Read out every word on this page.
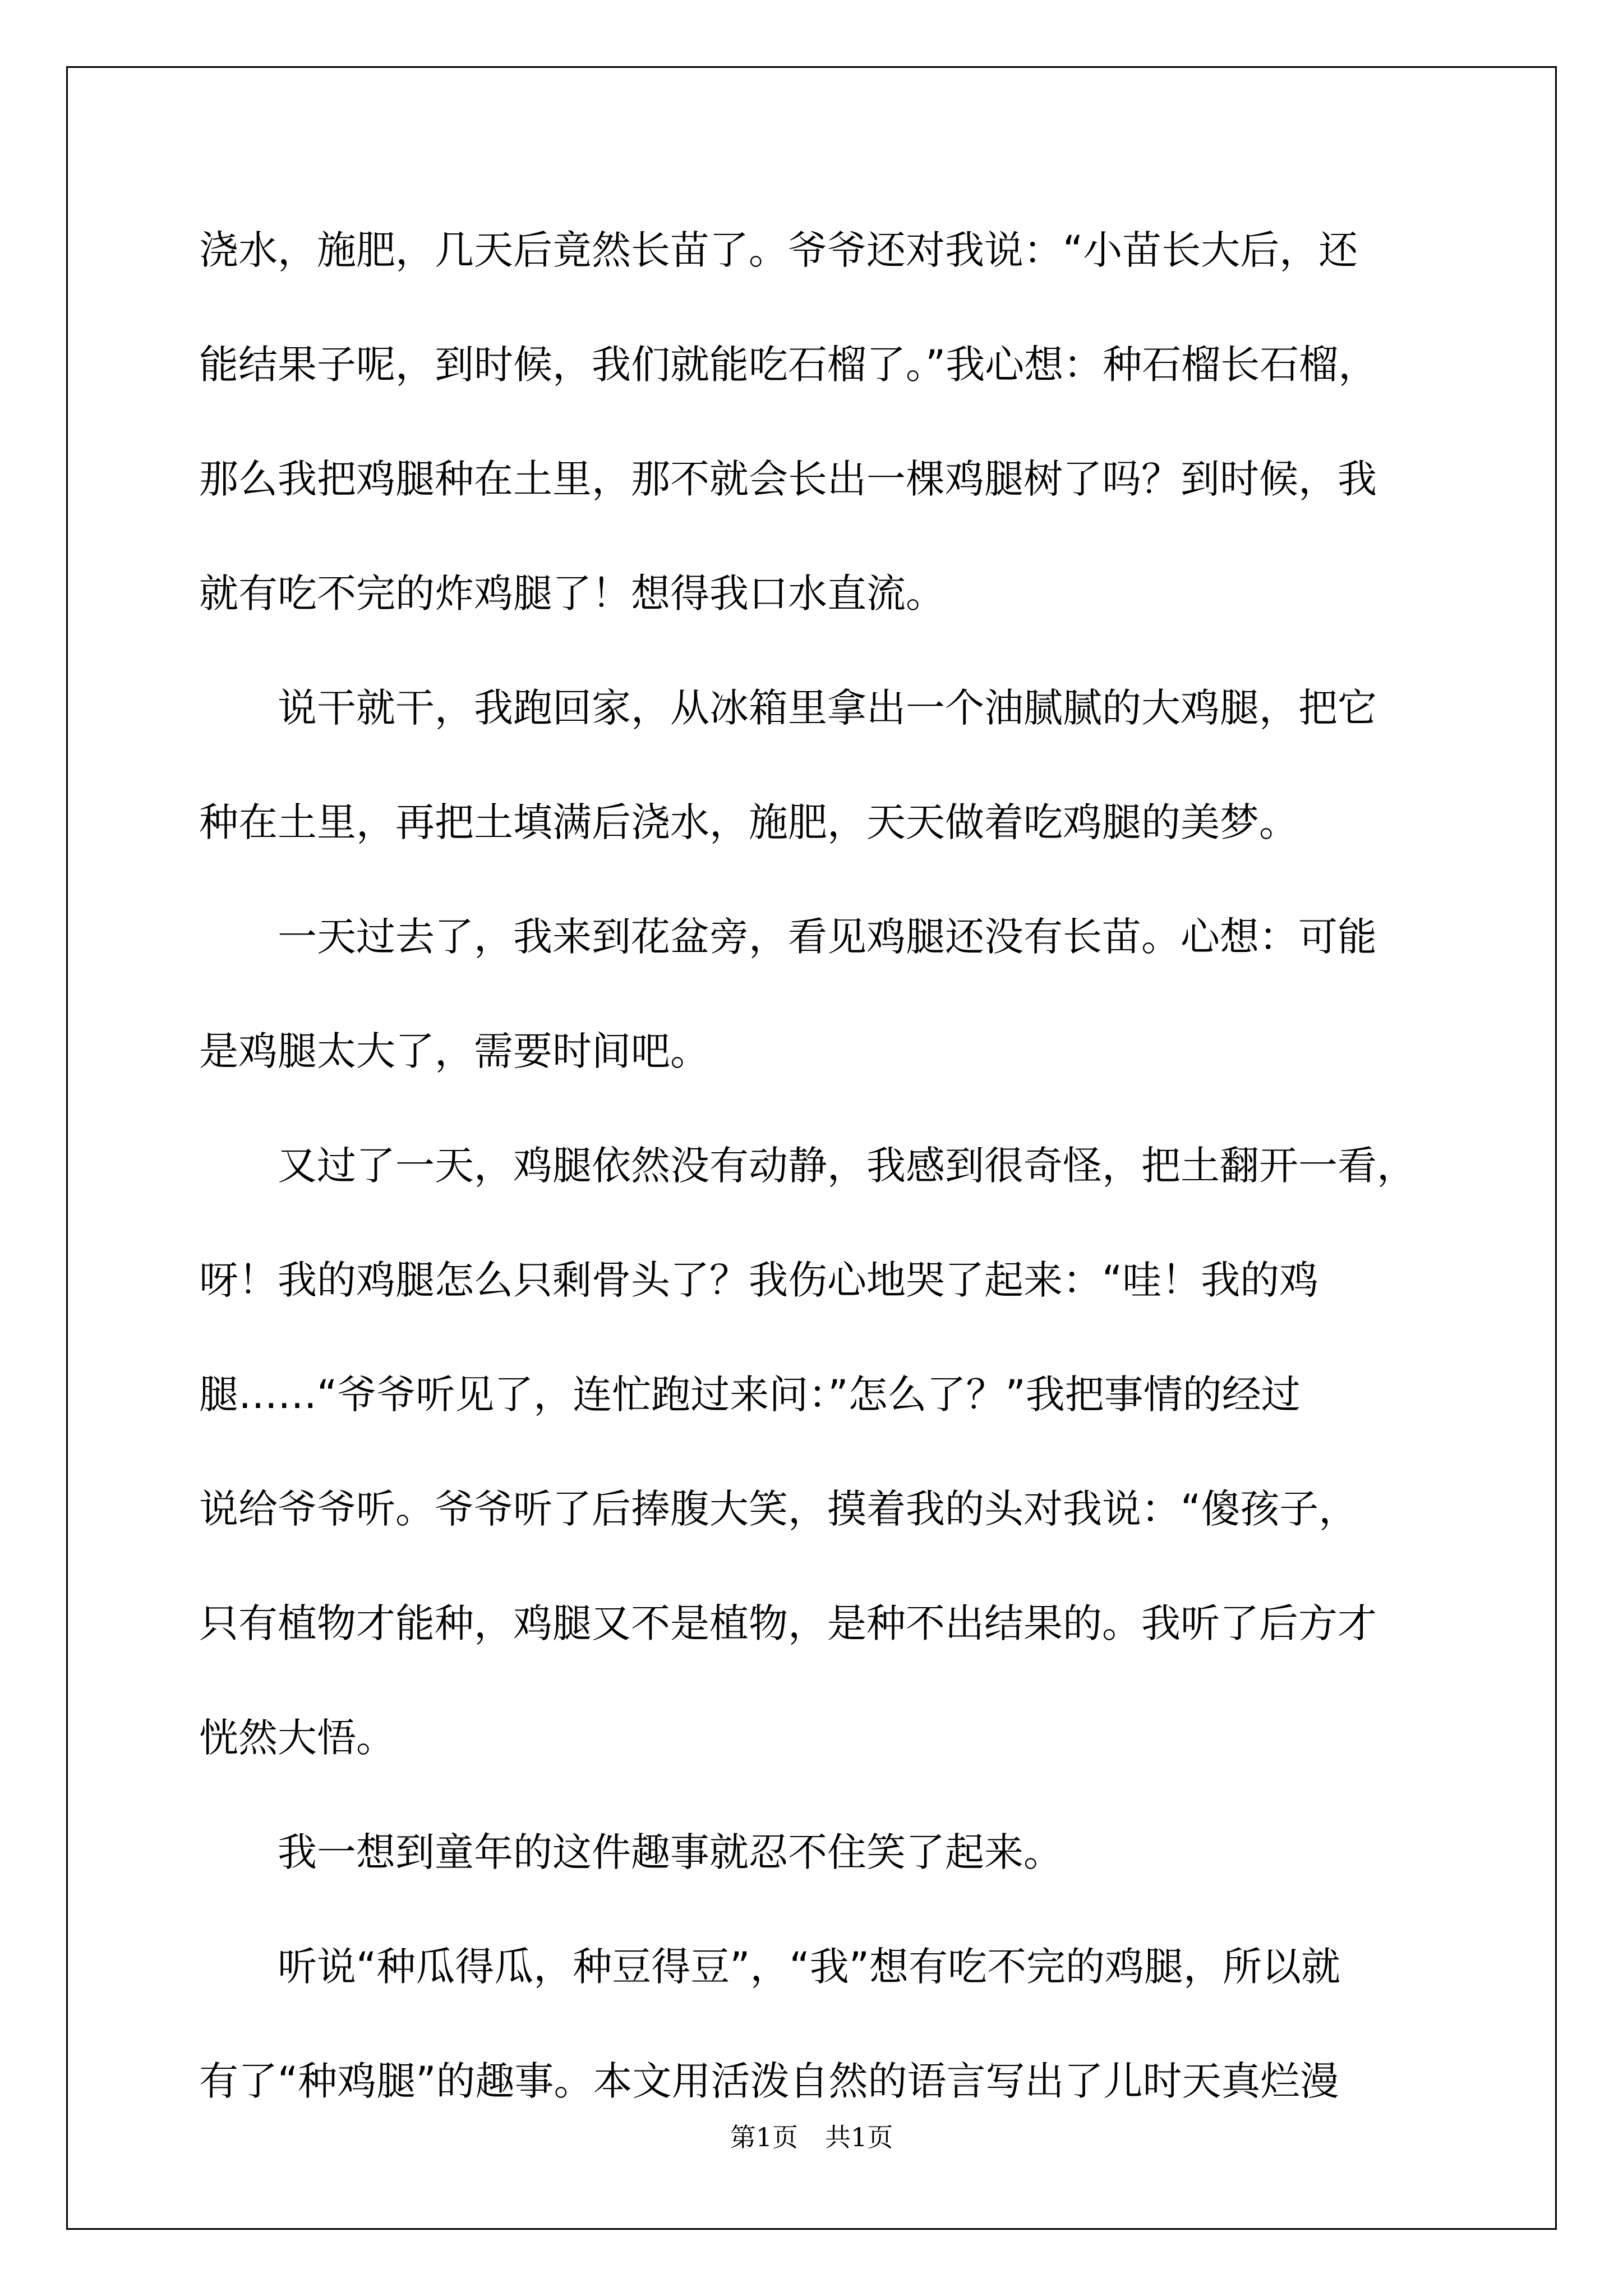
浇水，施肥，几天后竟然长苗了。爷爷还对我说：“小苗长大后，还
能结果子呢，到时候，我们就能吃石榴了。”我心想：种石榴长石榴，
那么我把鸡腿种在土里，那不就会长出一棵鸡腿树了吗？到时候，我
就有吃不完的炸鸡腿了！想得我口水直流。
　　说干就干，我跑回家，从冰箱里拿出一个油腻腻的大鸡腿，把它
种在土里，再把土填满后浇水，施肥，天天做着吃鸡腿的美梦。
　　一天过去了，我来到花盆旁，看见鸡腿还没有长苗。心想：可能
是鸡腿太大了，需要时间吧。
　　又过了一天，鸡腿依然没有动静，我感到很奇怪，把土翻开一看，
呀！我的鸡腿怎么只剩骨头了？我伤心地哭了起来：“哇！我的鸡
腿……“爷爷听见了，连忙跑过来问：”怎么了？”我把事情的经过
说给爷爷听。爷爷听了后捧腹大笑，摸着我的头对我说：“傻孩子，
只有植物才能种，鸡腿又不是植物，是种不出结果的。我听了后方才
恍然大悟。
　　我一想到童年的这件趣事就忍不住笑了起来。
　　听说“种瓜得瓜，种豆得豆”，“我”想有吃不完的鸡腿，所以就
有了“种鸡腿”的趣事。本文用活泼自然的语言写出了儿时天真烂漫
第1页 共1页
